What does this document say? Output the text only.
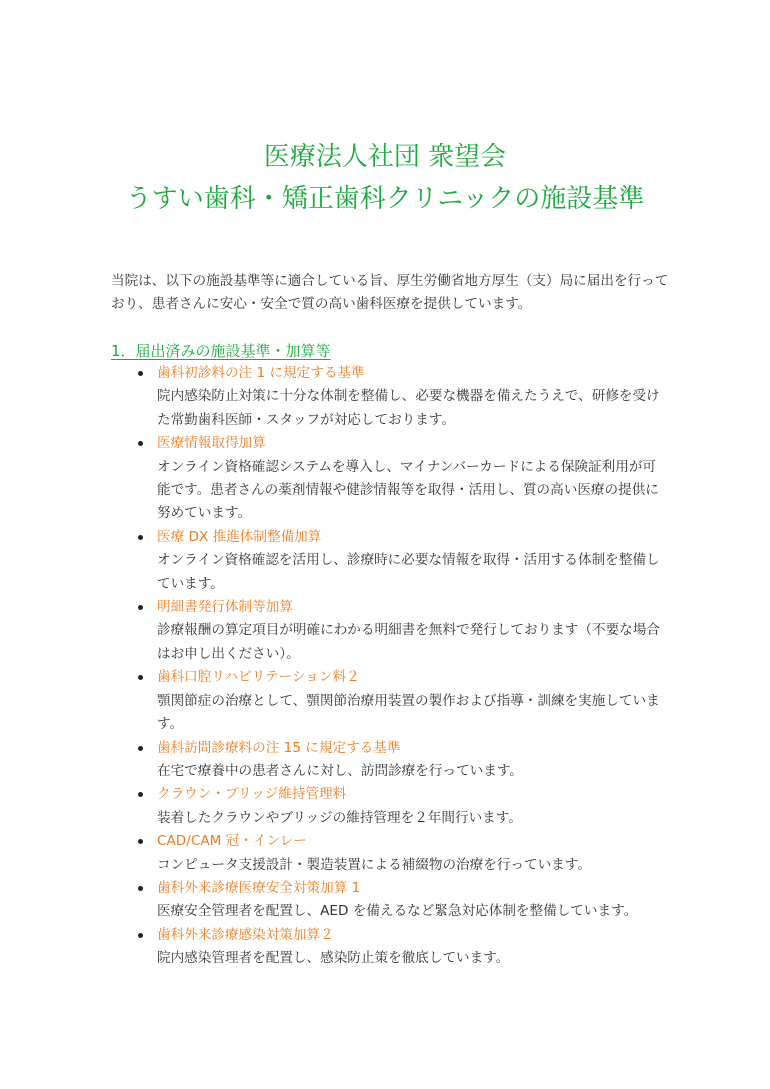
医療法人社団 衆望会
うすい歯科・矯正歯科クリニックの施設基準
当院は、以下の施設基準等に適合している旨、厚生労働省地方厚生（支）局に届出を行って
おり、患者さんに安心・安全で質の高い歯科医療を提供しています。
1．届出済みの施設基準・加算等
歯科初診料の注 1 に規定する基準
院内感染防止対策に十分な体制を整備し、必要な機器を備えたうえで、研修を受け
た常勤歯科医師・スタッフが対応しております。
医療情報取得加算
オンライン資格確認システムを導入し、マイナンバーカードによる保険証利用が可
能です。患者さんの薬剤情報や健診情報等を取得・活用し、質の高い医療の提供に
努めています。
医療 DX 推進体制整備加算
オンライン資格確認を活用し、診療時に必要な情報を取得・活用する体制を整備し
ています。
明細書発行体制等加算
診療報酬の算定項目が明確にわかる明細書を無料で発行しております（不要な場合
はお申し出ください）。
歯科口腔リハビリテーション料２
顎関節症の治療として、顎関節治療用装置の製作および指導・訓練を実施していま
す。
歯科訪問診療料の注 15 に規定する基準
在宅で療養中の患者さんに対し、訪問診療を行っています。
クラウン・ブリッジ維持管理料
装着したクラウンやブリッジの維持管理を２年間行います。
CAD/CAM 冠・インレー
コンピュータ支援設計・製造装置による補綴物の治療を行っています。
歯科外来診療医療安全対策加算 1
医療安全管理者を配置し、AED を備えるなど緊急対応体制を整備しています。
歯科外来診療感染対策加算２
院内感染管理者を配置し、感染防止策を徹底しています。
